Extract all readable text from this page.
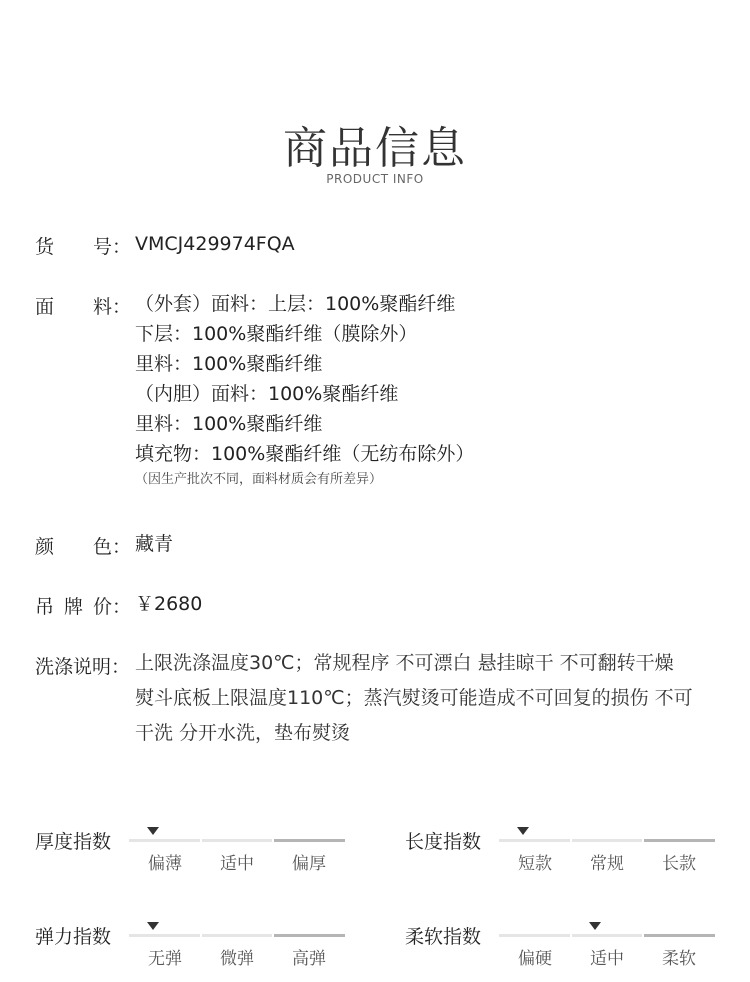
商品信息
PRODUCT INFO
货 号： VMCJ429974FQA
面 料： （外套）面料：上层：100%聚酯纤维
下层：100%聚酯纤维（膜除外）
里料：100%聚酯纤维
（内胆）面料：100%聚酯纤维
里料：100%聚酯纤维
填充物：100%聚酯纤维（无纺布除外）
（因生产批次不同，面料材质会有所差异）
颜 色： 藏青
吊 牌 价： ￥2680
洗涤说明： 上限洗涤温度30℃；常规程序 不可漂白 悬挂晾干 不可翻转干燥
熨斗底板上限温度110℃；蒸汽熨烫可能造成不可回复的损伤 不可
干洗 分开水洗，垫布熨烫
厚度指数
偏薄	适中	偏厚
长度指数
短款	常规	长款
弹力指数
无弹	微弹	高弹
柔软指数
偏硬	适中	柔软
